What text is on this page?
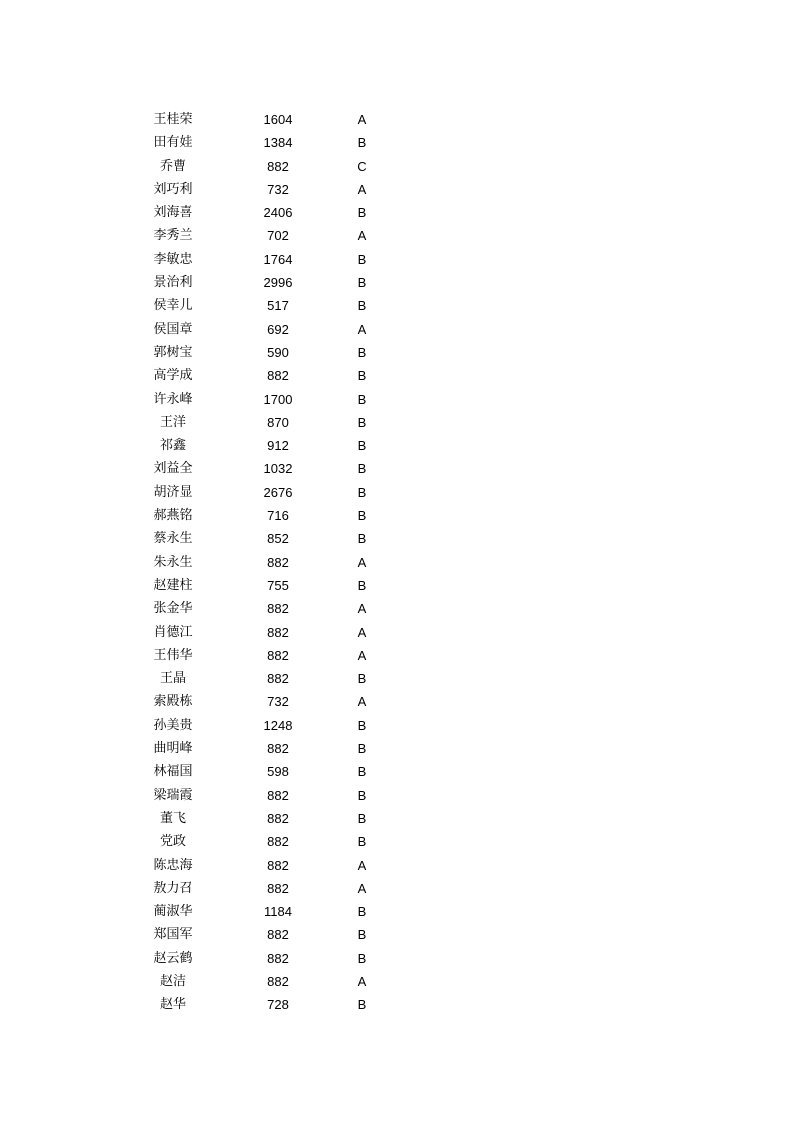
王桂荣	1604	A
田有娃	1384	B
乔曹	882	C
刘巧利	732	A
刘海喜	2406	B
李秀兰	702	A
李敏忠	1764	B
景治利	2996	B
侯幸儿	517	B
侯国章	692	A
郭树宝	590	B
高学成	882	B
许永峰	1700	B
王洋	870	B
祁鑫	912	B
刘益全	1032	B
胡济显	2676	B
郝燕铭	716	B
蔡永生	852	B
朱永生	882	A
赵建柱	755	B
张金华	882	A
肖德江	882	A
王伟华	882	A
王晶	882	B
索殿栋	732	A
孙美贵	1248	B
曲明峰	882	B
林福国	598	B
梁瑞霞	882	B
董飞	882	B
党政	882	B
陈忠海	882	A
敖力召	882	A
蔺淑华	1184	B
郑国军	882	B
赵云鹤	882	B
赵洁	882	A
赵华	728	B
